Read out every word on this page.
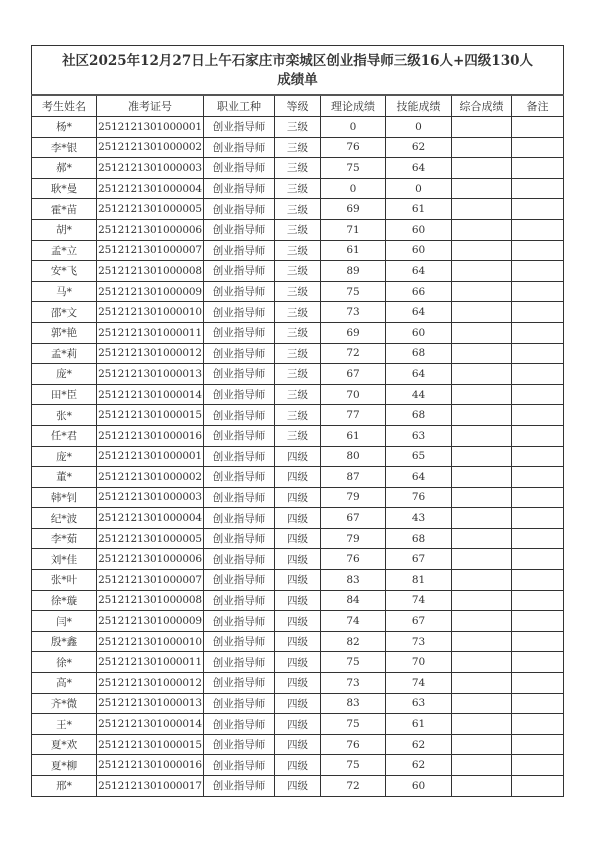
社区2025年12月27日上午石家庄市栾城区创业指导师三级16人+四级130人
成绩单							

考生姓名	准考证号	职业工种	等级	理论成绩	技能成绩	综合成绩	备注
杨*	2512121301000001	创业指导师	三级	0	0		
李*银	2512121301000002	创业指导师	三级	76	62		
郝*	2512121301000003	创业指导师	三级	75	64		
耿*曼	2512121301000004	创业指导师	三级	0	0		
霍*苗	2512121301000005	创业指导师	三级	69	61		
胡*	2512121301000006	创业指导师	三级	71	60		
孟*立	2512121301000007	创业指导师	三级	61	60		
安*飞	2512121301000008	创业指导师	三级	89	64		
马*	2512121301000009	创业指导师	三级	75	66		
邵*文	2512121301000010	创业指导师	三级	73	64		
郭*艳	2512121301000011	创业指导师	三级	69	60		
孟*莉	2512121301000012	创业指导师	三级	72	68		
庞*	2512121301000013	创业指导师	三级	67	64		
田*臣	2512121301000014	创业指导师	三级	70	44		
张*	2512121301000015	创业指导师	三级	77	68		
任*君	2512121301000016	创业指导师	三级	61	63		
庞*	2512121301000001	创业指导师	四级	80	65		
董*	2512121301000002	创业指导师	四级	87	64		
韩*钊	2512121301000003	创业指导师	四级	79	76		
纪*波	2512121301000004	创业指导师	四级	67	43		
李*茹	2512121301000005	创业指导师	四级	79	68		
刘*佳	2512121301000006	创业指导师	四级	76	67		
张*叶	2512121301000007	创业指导师	四级	83	81		
徐*璇	2512121301000008	创业指导师	四级	84	74		
闫*	2512121301000009	创业指导师	四级	74	67		
殷*鑫	2512121301000010	创业指导师	四级	82	73		
徐*	2512121301000011	创业指导师	四级	75	70		
高*	2512121301000012	创业指导师	四级	73	74		
齐*微	2512121301000013	创业指导师	四级	83	63		
王*	2512121301000014	创业指导师	四级	75	61		
夏*欢	2512121301000015	创业指导师	四级	76	62		
夏*柳	2512121301000016	创业指导师	四级	75	62		
邢*	2512121301000017	创业指导师	四级	72	60		
